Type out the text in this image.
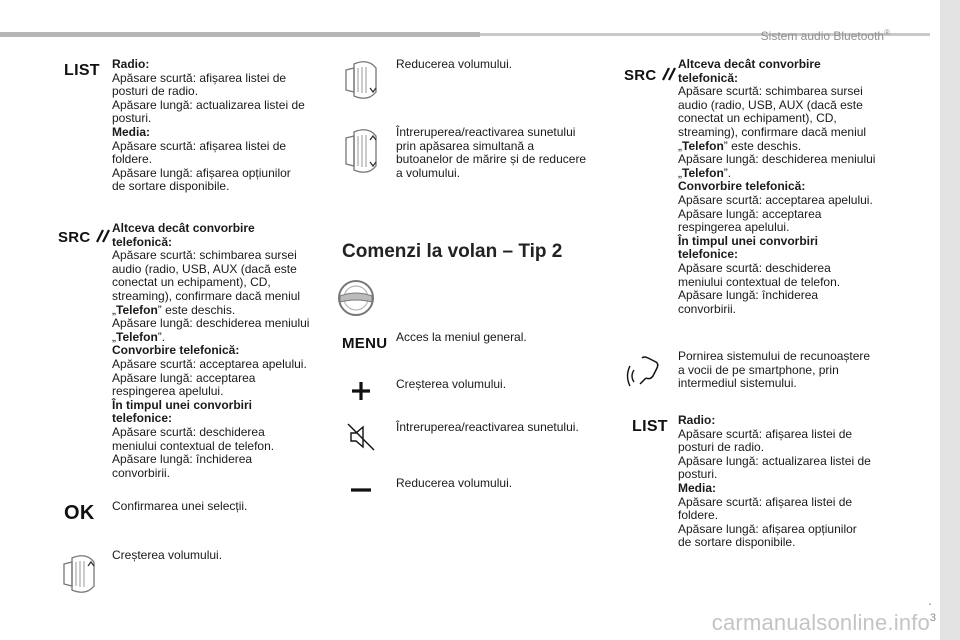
Sistem audio Bluetooth®
.
3
carmanualsonline.info
LIST Radio:
Apăsare scurtă: afișarea listei de
posturi de radio.
Apăsare lungă: actualizarea listei de
posturi.
Media:
Apăsare scurtă: afișarea listei de
foldere.
Apăsare lungă: afișarea opțiunilor
de sortare disponibile.
SRC
Altceva decât convorbire
telefonică:
Apăsare scurtă: schimbarea sursei
audio (radio, USB, AUX (dacă este
conectat un echipament), CD,
streaming), confirmare dacă meniul
„Telefon” este deschis.
Apăsare lungă: deschiderea meniului
„Telefon”.
Convorbire telefonică:
Apăsare scurtă: acceptarea apelului.
Apăsare lungă: acceptarea
respingerea apelului.
În timpul unei convorbiri
telefonice:
Apăsare scurtă: deschiderea
meniului contextual de telefon.
Apăsare lungă: închiderea
convorbirii.
OK Confirmarea unei selecții.
Creșterea volumului.
Reducerea volumului.
Întreruperea/reactivarea sunetului
prin apăsarea simultană a
butoanelor de mărire și de reducere
a volumului.
Comenzi la volan – Tip 2
MENU Acces la meniul general.
Creșterea volumului.
Întreruperea/reactivarea sunetului.
Reducerea volumului.
SRC
Altceva decât convorbire
telefonică:
Apăsare scurtă: schimbarea sursei
audio (radio, USB, AUX (dacă este
conectat un echipament), CD,
streaming), confirmare dacă meniul
„Telefon” este deschis.
Apăsare lungă: deschiderea meniului
„Telefon”.
Convorbire telefonică:
Apăsare scurtă: acceptarea apelului.
Apăsare lungă: acceptarea
respingerea apelului.
În timpul unei convorbiri
telefonice:
Apăsare scurtă: deschiderea
meniului contextual de telefon.
Apăsare lungă: închiderea
convorbirii.
Pornirea sistemului de recunoaștere
a vocii de pe smartphone, prin
intermediul sistemului.
LIST Radio:
Apăsare scurtă: afișarea listei de
posturi de radio.
Apăsare lungă: actualizarea listei de
posturi.
Media:
Apăsare scurtă: afișarea listei de
foldere.
Apăsare lungă: afișarea opțiunilor
de sortare disponibile.
